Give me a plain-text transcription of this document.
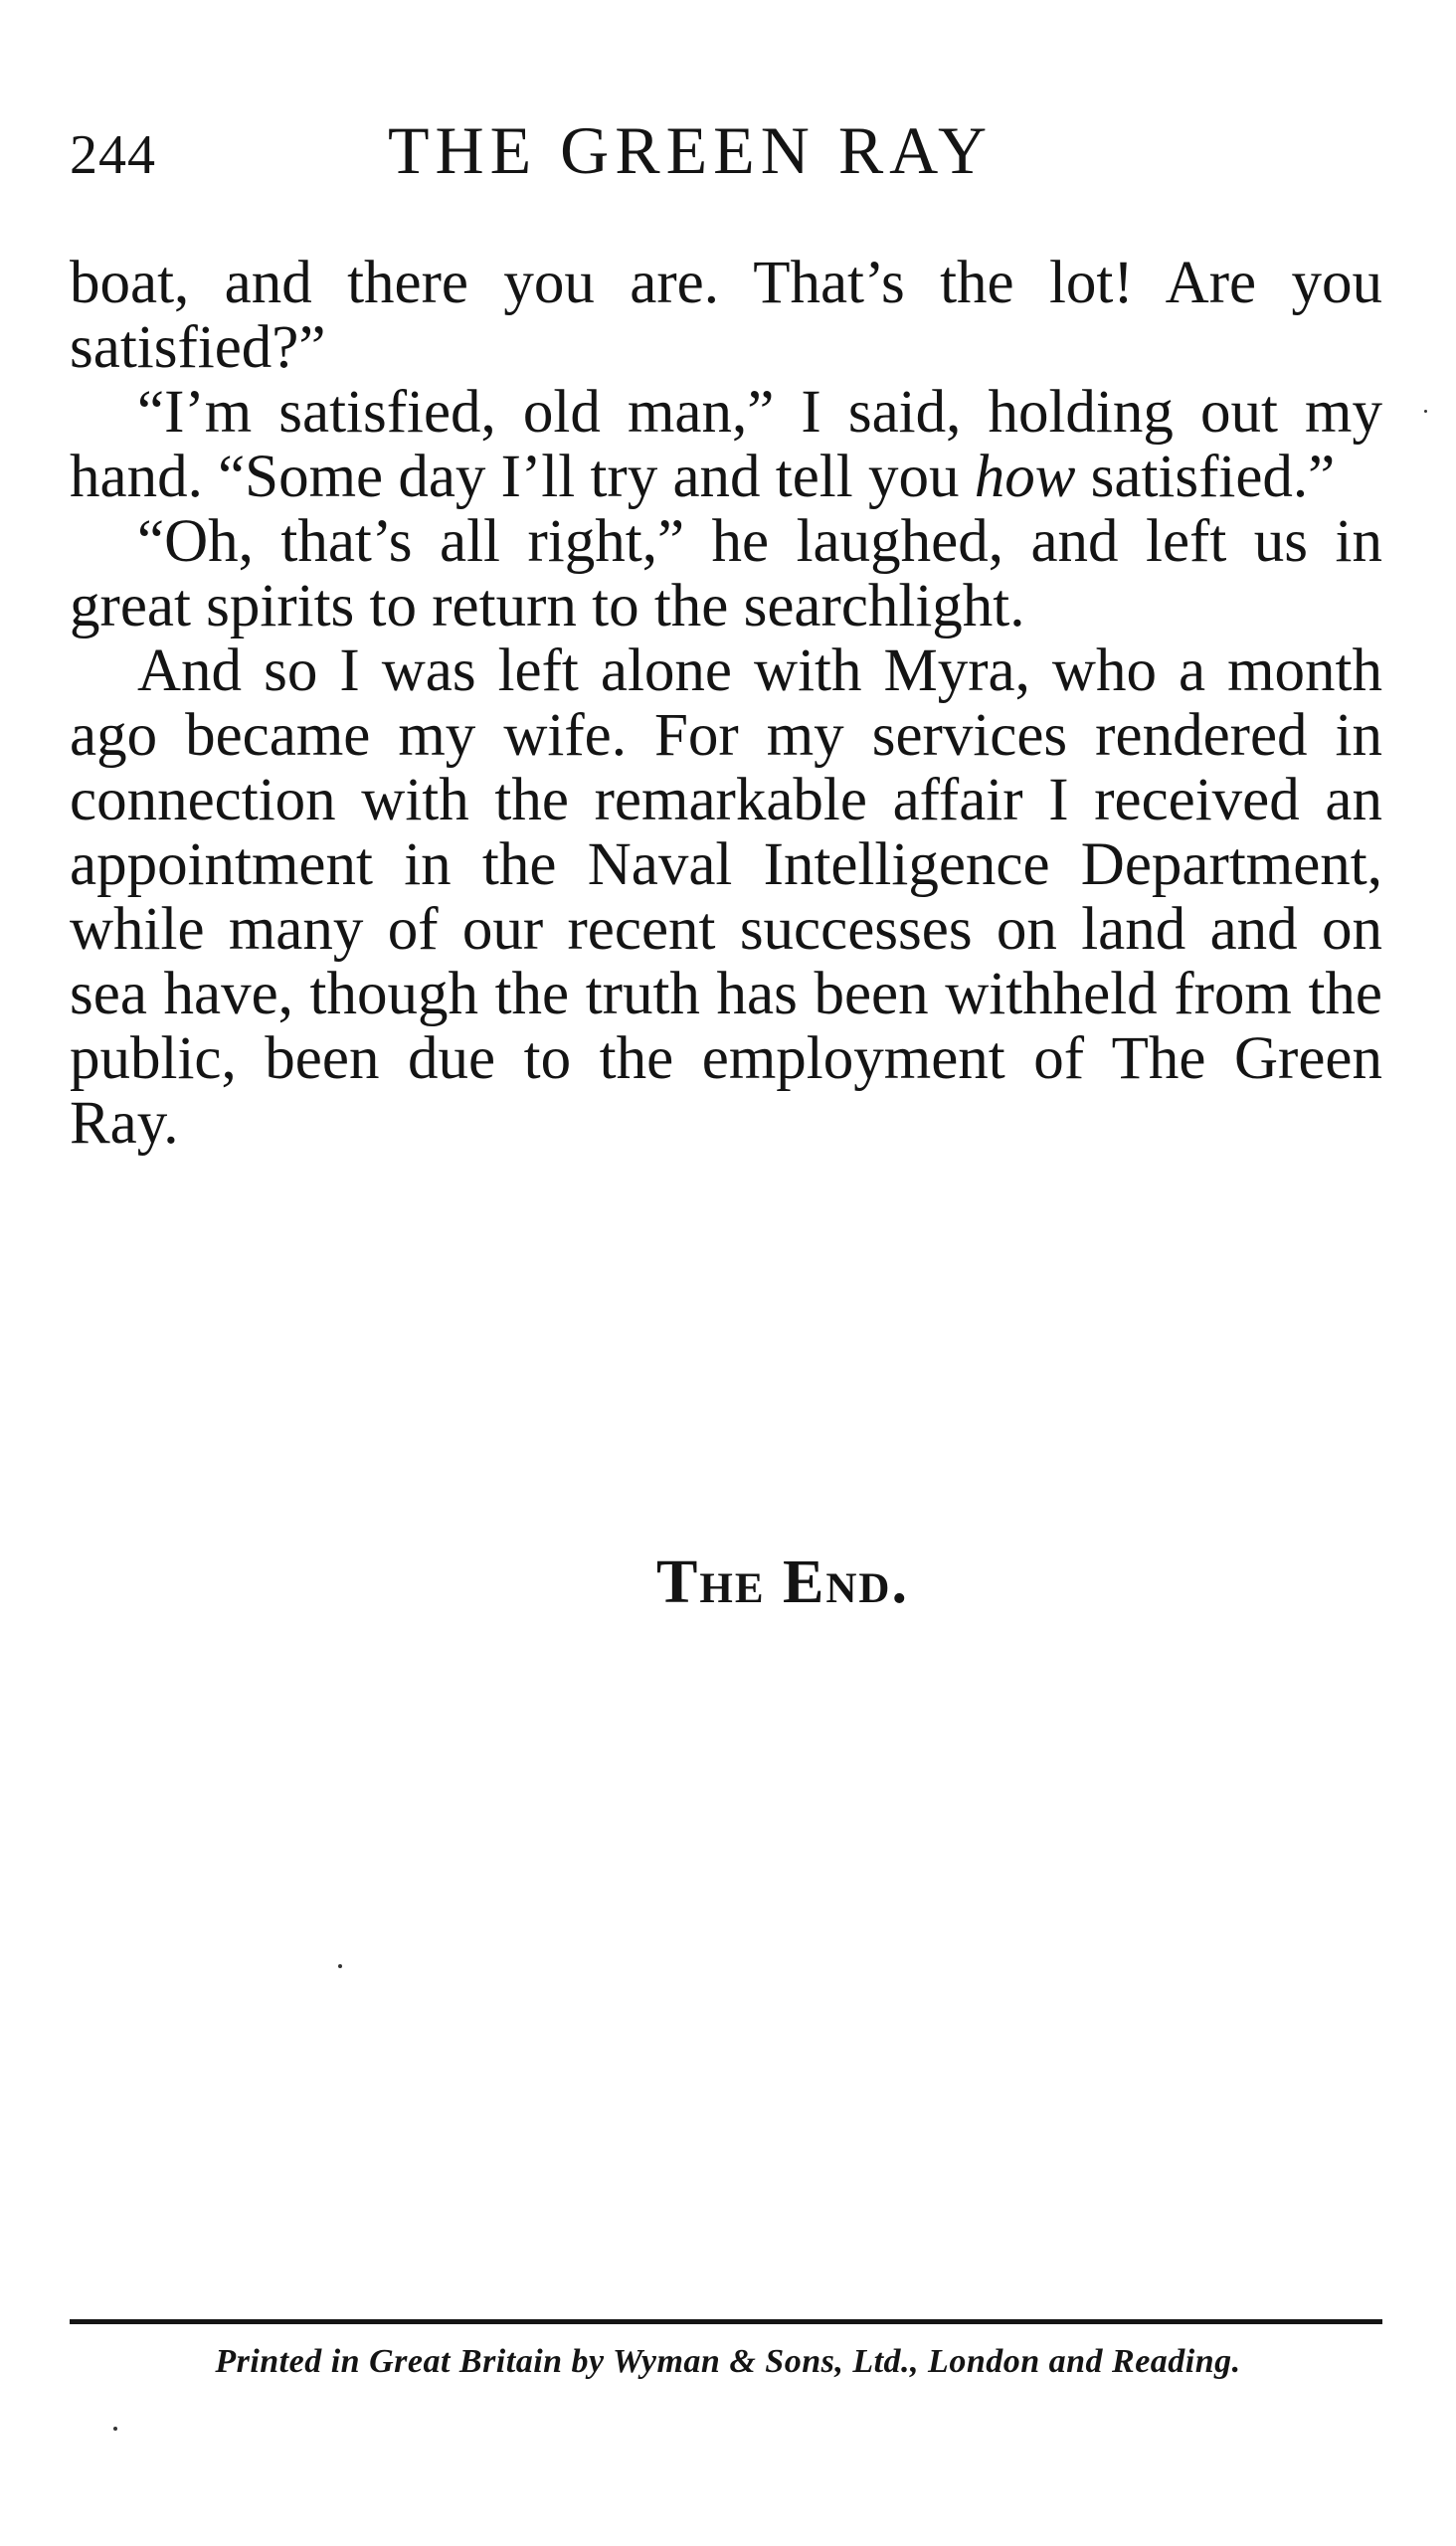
244	THE GREEN RAY

boat, and there you are. That’s the lot! Are you satisfied?”

“I’m satisfied, old man,” I said, holding out my hand. “Some day I’ll try and tell you how satisfied.”

“Oh, that’s all right,” he laughed, and left us in great spirits to return to the searchlight.

And so I was left alone with Myra, who a month ago became my wife. For my services rendered in connection with the remarkable affair I received an appointment in the Naval Intelligence Department, while many of our recent successes on land and on sea have, though the truth has been withheld from the public, been due to the employment of The Green Ray.

The End.
Printed in Great Britain by Wyman & Sons, Ltd., London and Reading.
